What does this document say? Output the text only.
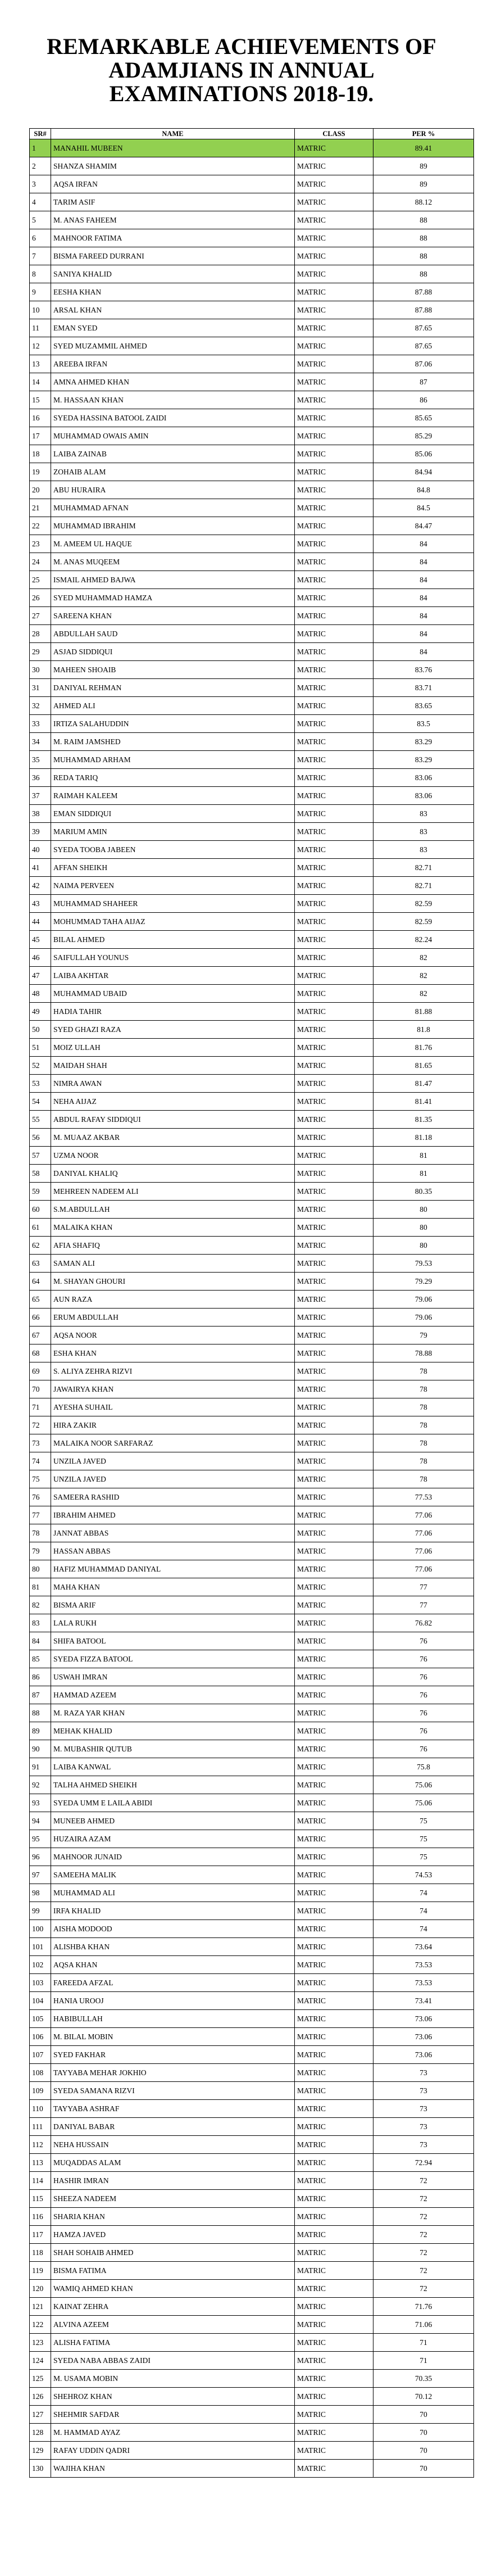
REMARKABLE ACHIEVEMENTS OF
ADAMJIANS IN ANNUAL
EXAMINATIONS 2018-19.
SR#	NAME	CLASS	PER %
1	MANAHIL MUBEEN	MATRIC	89.41
2	SHANZA SHAMIM	MATRIC	89
3	AQSA IRFAN	MATRIC	89
4	TARIM ASIF	MATRIC	88.12
5	M. ANAS FAHEEM	MATRIC	88
6	MAHNOOR FATIMA	MATRIC	88
7	BISMA FAREED DURRANI	MATRIC	88
8	SANIYA KHALID	MATRIC	88
9	EESHA KHAN	MATRIC	87.88
10	ARSAL KHAN	MATRIC	87.88
11	EMAN SYED	MATRIC	87.65
12	SYED MUZAMMIL AHMED	MATRIC	87.65
13	AREEBA IRFAN	MATRIC	87.06
14	AMNA AHMED KHAN	MATRIC	87
15	M. HASSAAN KHAN	MATRIC	86
16	SYEDA HASSINA BATOOL ZAIDI	MATRIC	85.65
17	MUHAMMAD OWAIS AMIN	MATRIC	85.29
18	LAIBA ZAINAB	MATRIC	85.06
19	ZOHAIB ALAM	MATRIC	84.94
20	ABU HURAIRA	MATRIC	84.8
21	MUHAMMAD AFNAN	MATRIC	84.5
22	MUHAMMAD IBRAHIM	MATRIC	84.47
23	M. AMEEM UL HAQUE	MATRIC	84
24	M. ANAS MUQEEM	MATRIC	84
25	ISMAIL AHMED BAJWA	MATRIC	84
26	SYED MUHAMMAD HAMZA	MATRIC	84
27	SAREENA KHAN	MATRIC	84
28	ABDULLAH SAUD	MATRIC	84
29	ASJAD SIDDIQUI	MATRIC	84
30	MAHEEN SHOAIB	MATRIC	83.76
31	DANIYAL REHMAN	MATRIC	83.71
32	AHMED ALI	MATRIC	83.65
33	IRTIZA SALAHUDDIN	MATRIC	83.5
34	M. RAIM JAMSHED	MATRIC	83.29
35	MUHAMMAD ARHAM	MATRIC	83.29
36	REDA TARIQ	MATRIC	83.06
37	RAIMAH KALEEM	MATRIC	83.06
38	EMAN SIDDIQUI	MATRIC	83
39	MARIUM AMIN	MATRIC	83
40	SYEDA TOOBA JABEEN	MATRIC	83
41	AFFAN SHEIKH	MATRIC	82.71
42	NAIMA PERVEEN	MATRIC	82.71
43	MUHAMMAD SHAHEER	MATRIC	82.59
44	MOHUMMAD TAHA AIJAZ	MATRIC	82.59
45	BILAL AHMED	MATRIC	82.24
46	SAIFULLAH YOUNUS	MATRIC	82
47	LAIBA AKHTAR	MATRIC	82
48	MUHAMMAD UBAID	MATRIC	82
49	HADIA TAHIR	MATRIC	81.88
50	SYED GHAZI RAZA	MATRIC	81.8
51	MOIZ ULLAH	MATRIC	81.76
52	MAIDAH SHAH	MATRIC	81.65
53	NIMRA AWAN	MATRIC	81.47
54	NEHA AIJAZ	MATRIC	81.41
55	ABDUL RAFAY SIDDIQUI	MATRIC	81.35
56	M. MUAAZ AKBAR	MATRIC	81.18
57	UZMA NOOR	MATRIC	81
58	DANIYAL KHALIQ	MATRIC	81
59	MEHREEN NADEEM ALI	MATRIC	80.35
60	S.M.ABDULLAH	MATRIC	80
61	MALAIKA KHAN	MATRIC	80
62	AFIA SHAFIQ	MATRIC	80
63	SAMAN ALI	MATRIC	79.53
64	M. SHAYAN GHOURI	MATRIC	79.29
65	AUN RAZA	MATRIC	79.06
66	ERUM ABDULLAH	MATRIC	79.06
67	AQSA NOOR	MATRIC	79
68	ESHA KHAN	MATRIC	78.88
69	S. ALIYA ZEHRA RIZVI	MATRIC	78
70	JAWAIRYA KHAN	MATRIC	78
71	AYESHA SUHAIL	MATRIC	78
72	HIRA ZAKIR	MATRIC	78
73	MALAIKA NOOR SARFARAZ	MATRIC	78
74	UNZILA JAVED	MATRIC	78
75	UNZILA JAVED	MATRIC	78
76	SAMEERA RASHID	MATRIC	77.53
77	IBRAHIM AHMED	MATRIC	77.06
78	JANNAT ABBAS	MATRIC	77.06
79	HASSAN ABBAS	MATRIC	77.06
80	HAFIZ MUHAMMAD DANIYAL	MATRIC	77.06
81	MAHA KHAN	MATRIC	77
82	BISMA ARIF	MATRIC	77
83	LALA RUKH	MATRIC	76.82
84	SHIFA BATOOL	MATRIC	76
85	SYEDA FIZZA BATOOL	MATRIC	76
86	USWAH IMRAN	MATRIC	76
87	HAMMAD AZEEM	MATRIC	76
88	M. RAZA YAR KHAN	MATRIC	76
89	MEHAK KHALID	MATRIC	76
90	M. MUBASHIR QUTUB	MATRIC	76
91	LAIBA KANWAL	MATRIC	75.8
92	TALHA AHMED SHEIKH	MATRIC	75.06
93	SYEDA UMM E LAILA ABIDI	MATRIC	75.06
94	MUNEEB AHMED	MATRIC	75
95	HUZAIRA AZAM	MATRIC	75
96	MAHNOOR JUNAID	MATRIC	75
97	SAMEEHA MALIK	MATRIC	74.53
98	MUHAMMAD ALI	MATRIC	74
99	IRFA KHALID	MATRIC	74
100	AISHA MODOOD	MATRIC	74
101	ALISHBA KHAN	MATRIC	73.64
102	AQSA KHAN	MATRIC	73.53
103	FAREEDA AFZAL	MATRIC	73.53
104	HANIA UROOJ	MATRIC	73.41
105	HABIBULLAH	MATRIC	73.06
106	M. BILAL MOBIN	MATRIC	73.06
107	SYED FAKHAR	MATRIC	73.06
108	TAYYABA MEHAR JOKHIO	MATRIC	73
109	SYEDA SAMANA RIZVI	MATRIC	73
110	TAYYABA ASHRAF	MATRIC	73
111	DANIYAL BABAR	MATRIC	73
112	NEHA HUSSAIN	MATRIC	73
113	MUQADDAS ALAM	MATRIC	72.94
114	HASHIR IMRAN	MATRIC	72
115	SHEEZA NADEEM	MATRIC	72
116	SHARIA KHAN	MATRIC	72
117	HAMZA JAVED	MATRIC	72
118	SHAH SOHAIB AHMED	MATRIC	72
119	BISMA FATIMA	MATRIC	72
120	WAMIQ AHMED KHAN	MATRIC	72
121	KAINAT ZEHRA	MATRIC	71.76
122	ALVINA AZEEM	MATRIC	71.06
123	ALISHA FATIMA	MATRIC	71
124	SYEDA NABA ABBAS ZAIDI	MATRIC	71
125	M. USAMA MOBIN	MATRIC	70.35
126	SHEHROZ KHAN	MATRIC	70.12
127	SHEHMIR SAFDAR	MATRIC	70
128	M. HAMMAD AYAZ	MATRIC	70
129	RAFAY UDDIN QADRI	MATRIC	70
130	WAJIHA KHAN	MATRIC	70
